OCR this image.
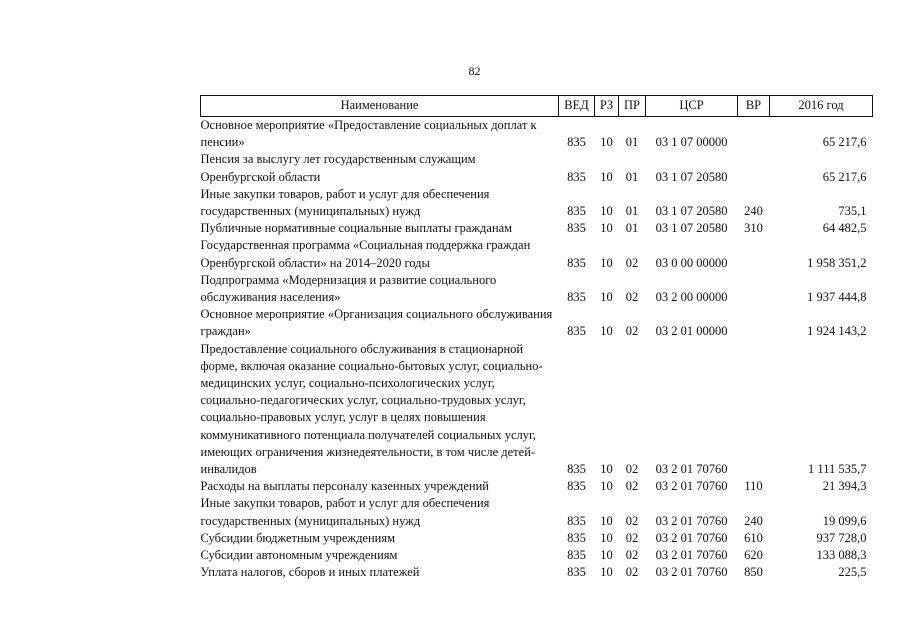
82
Наименование	ВЕД	РЗ	ПР	ЦСР	ВР	2016 год
Основное мероприятие «Предоставление социальных доплат к пенсии»	835	10	01	03 1 07 00000		65 217,6
Пенсия за выслугу лет государственным служащим Оренбургской области	835	10	01	03 1 07 20580		65 217,6
Иные закупки товаров, работ и услуг для обеспечения государственных (муниципальных) нужд	835	10	01	03 1 07 20580	240	735,1
Публичные нормативные социальные выплаты гражданам	835	10	01	03 1 07 20580	310	64 482,5
Государственная программа «Социальная поддержка граждан Оренбургской области» на 2014–2020 годы	835	10	02	03 0 00 00000		1 958 351,2
Подпрограмма «Модернизация и развитие социального обслуживания населения»	835	10	02	03 2 00 00000		1 937 444,8
Основное мероприятие «Организация социального обслуживания граждан»	835	10	02	03 2 01 00000		1 924 143,2
Предоставление социального обслуживания в стационарной форме, включая оказание социально-бытовых услуг, социально-медицинских услуг, социально-психологических услуг, социально-педагогических услуг, социально-трудовых услуг, социально-правовых услуг, услуг в целях повышения коммуникативного потенциала получателей социальных услуг, имеющих ограничения жизнедеятельности, в том числе детей-инвалидов	835	10	02	03 2 01 70760		1 111 535,7
Расходы на выплаты персоналу казенных учреждений	835	10	02	03 2 01 70760	110	21 394,3
Иные закупки товаров, работ и услуг для обеспечения государственных (муниципальных) нужд	835	10	02	03 2 01 70760	240	19 099,6
Субсидии бюджетным учреждениям	835	10	02	03 2 01 70760	610	937 728,0
Субсидии автономным учреждениям	835	10	02	03 2 01 70760	620	133 088,3
Уплата налогов, сборов и иных платежей	835	10	02	03 2 01 70760	850	225,5
